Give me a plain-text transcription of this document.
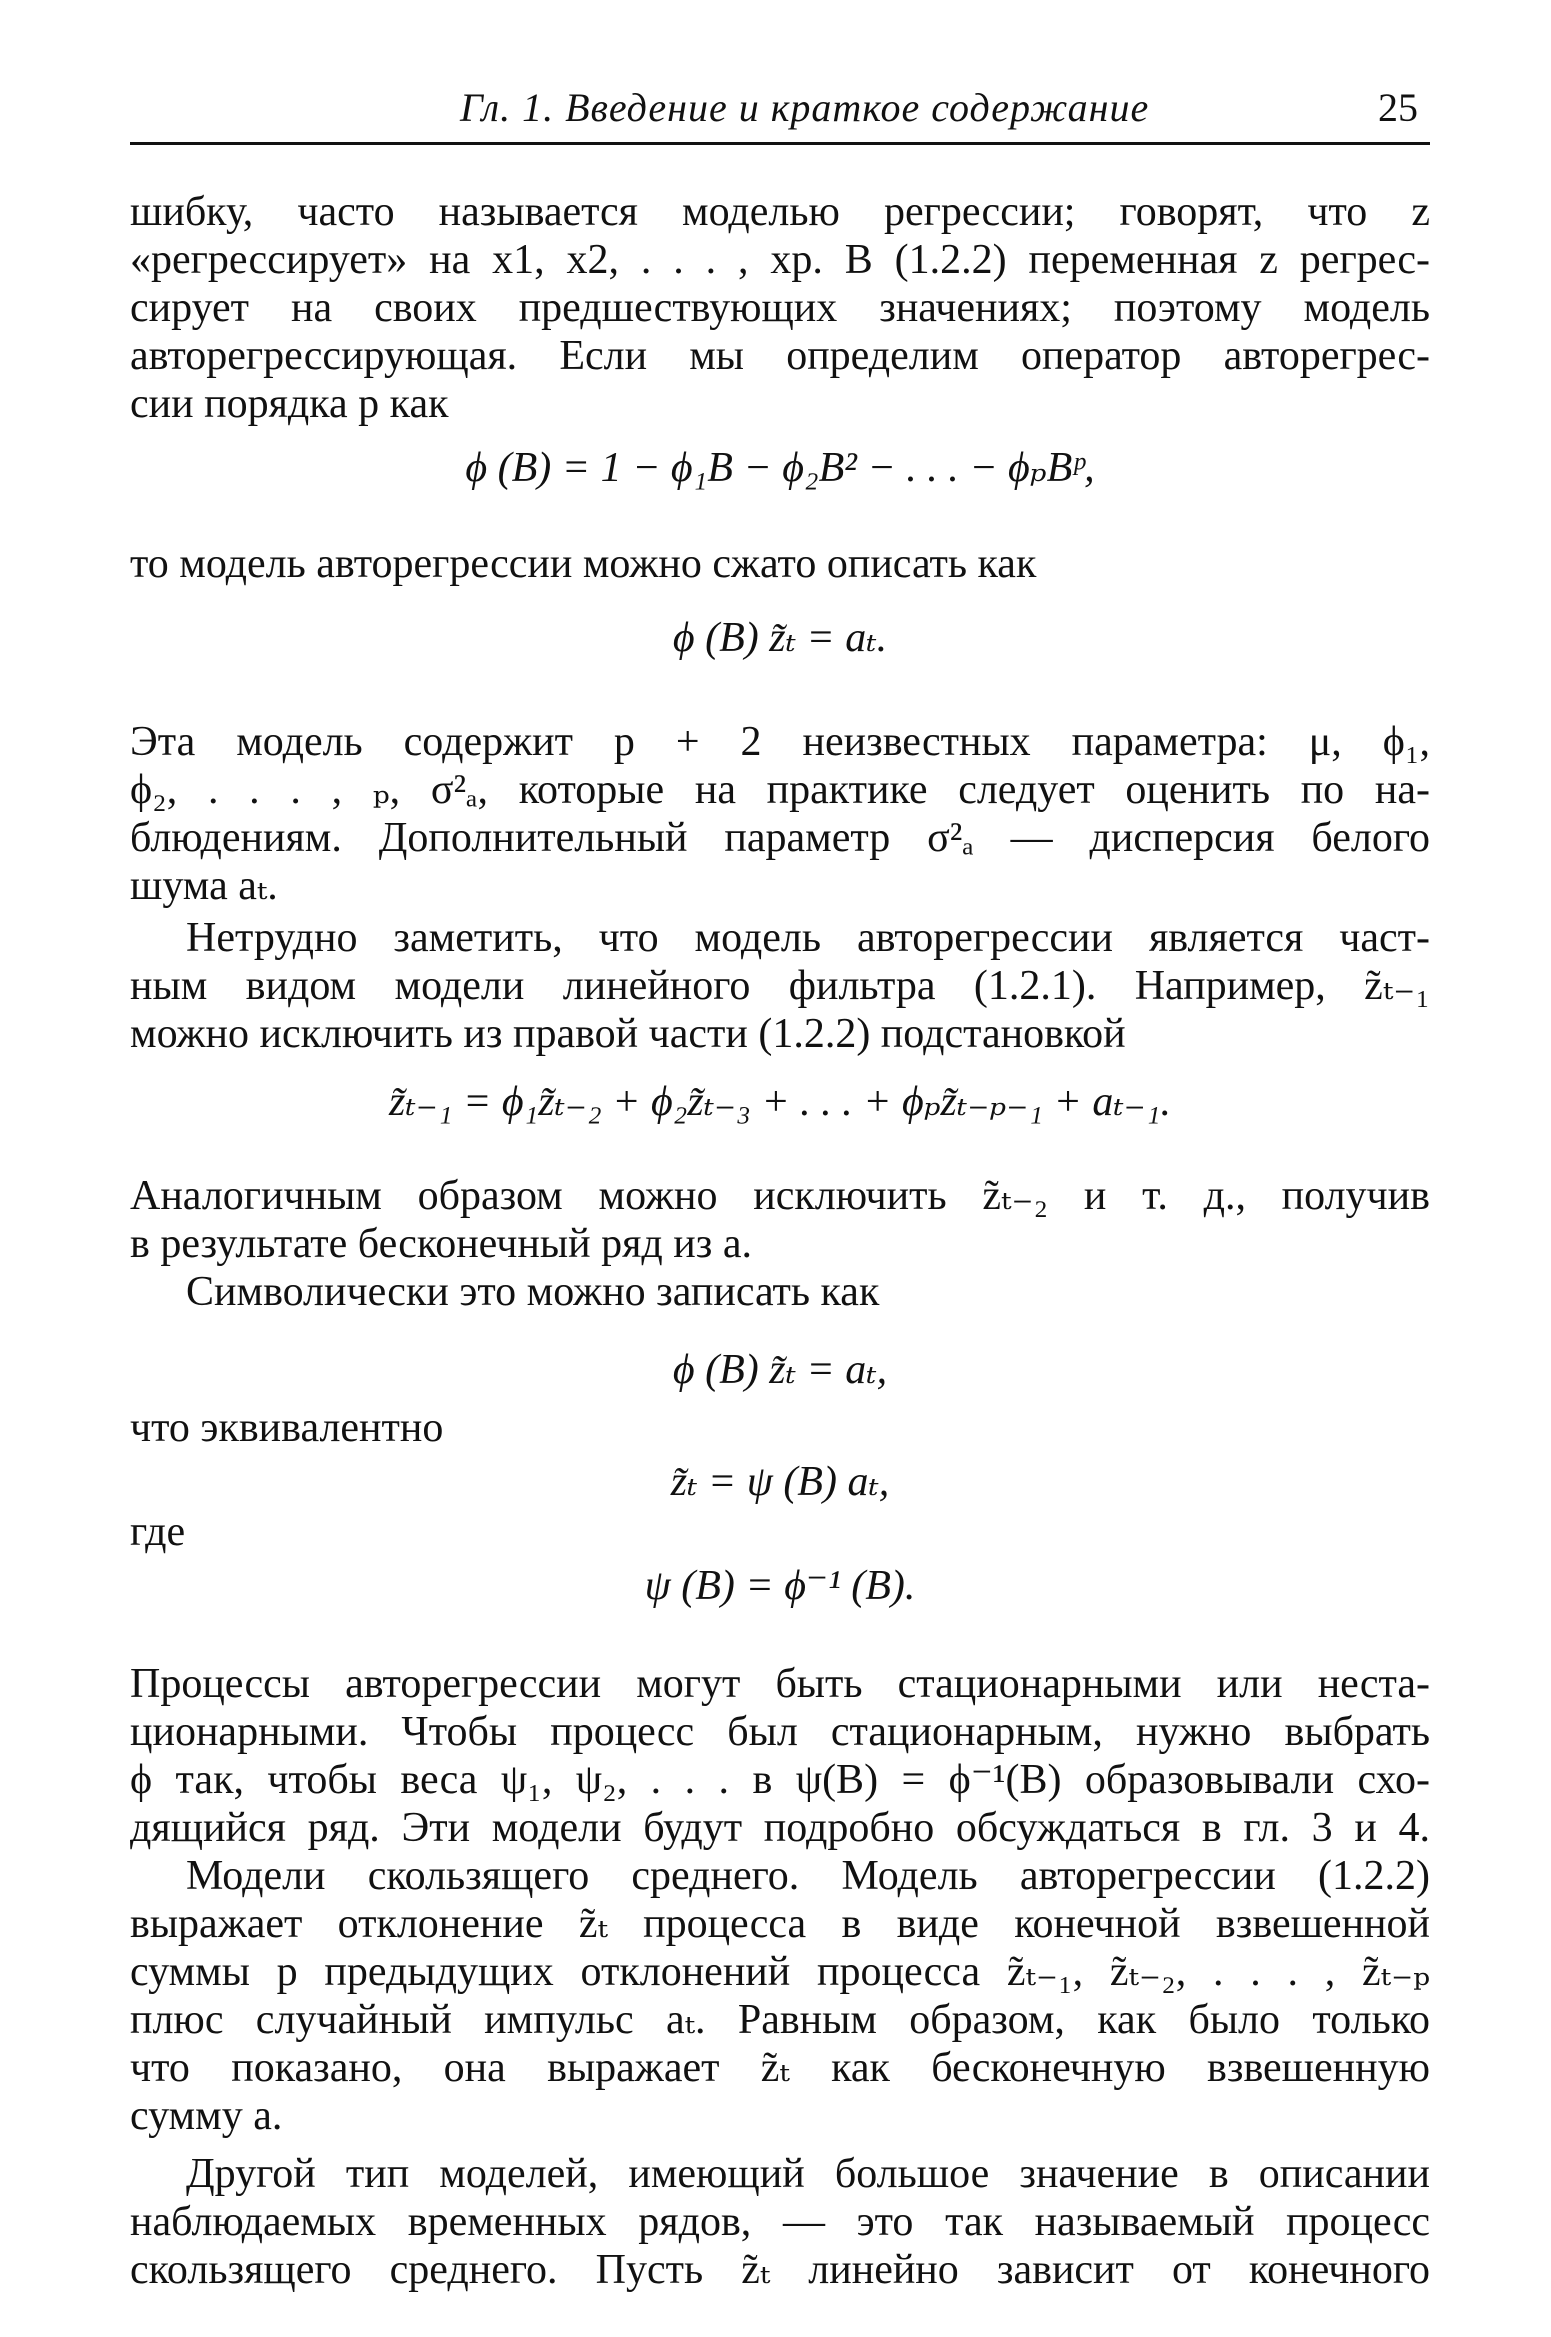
Гл. 1. Введение и краткое содержание	25
шибку, часто называется моделью регрессии; говорят, что z
«регрессирует» на x1, x2, . . . , xp. В (1.2.2) переменная z регрес-
сирует на своих предшествующих значениях; поэтому модель
авторегрессирующая. Если мы определим оператор авторегрес-
сии порядка p как
ϕ (B) = 1 − ϕ₁B − ϕ₂B² − . . . − ϕₚBᵖ,
то модель авторегрессии можно сжато описать как
ϕ (B) z̃ₜ = aₜ.
Эта модель содержит p + 2 неизвестных параметра: μ, ϕ₁,
ϕ₂, . . . , ₚ, σ²ₐ, которые на практике следует оценить по на-
блюдениям. Дополнительный параметр σ²ₐ — дисперсия белого
шума aₜ.
Нетрудно заметить, что модель авторегрессии является част-
ным видом модели линейного фильтра (1.2.1). Например, z̃ₜ₋₁
можно исключить из правой части (1.2.2) подстановкой
z̃ₜ₋₁ = ϕ₁z̃ₜ₋₂ + ϕ₂z̃ₜ₋₃ + . . . + ϕₚz̃ₜ₋ₚ₋₁ + aₜ₋₁.
Аналогичным образом можно исключить z̃ₜ₋₂ и т. д., получив
в результате бесконечный ряд из a.
Символически это можно записать как
ϕ (B) z̃ₜ = aₜ,
что эквивалентно
z̃ₜ = ψ (B) aₜ,
где
ψ (B) = ϕ⁻¹ (B).
Процессы авторегрессии могут быть стационарными или неста-
ционарными. Чтобы процесс был стационарным, нужно выбрать
ϕ так, чтобы веса ψ₁, ψ₂, . . . в ψ(B) = ϕ⁻¹(B) образовывали схо-
дящийся ряд. Эти модели будут подробно обсуждаться в гл. 3 и 4.
Модели скользящего среднего. Модель авторегрессии (1.2.2)
выражает отклонение z̃ₜ процесса в виде конечной взвешенной
суммы p предыдущих отклонений процесса z̃ₜ₋₁, z̃ₜ₋₂, . . . , z̃ₜ₋ₚ
плюс случайный импульс aₜ. Равным образом, как было только
что показано, она выражает z̃ₜ как бесконечную взвешенную
сумму a.
Другой тип моделей, имеющий большое значение в описании
наблюдаемых временных рядов, — это так называемый процесс
скользящего среднего. Пусть z̃ₜ линейно зависит от конечного
